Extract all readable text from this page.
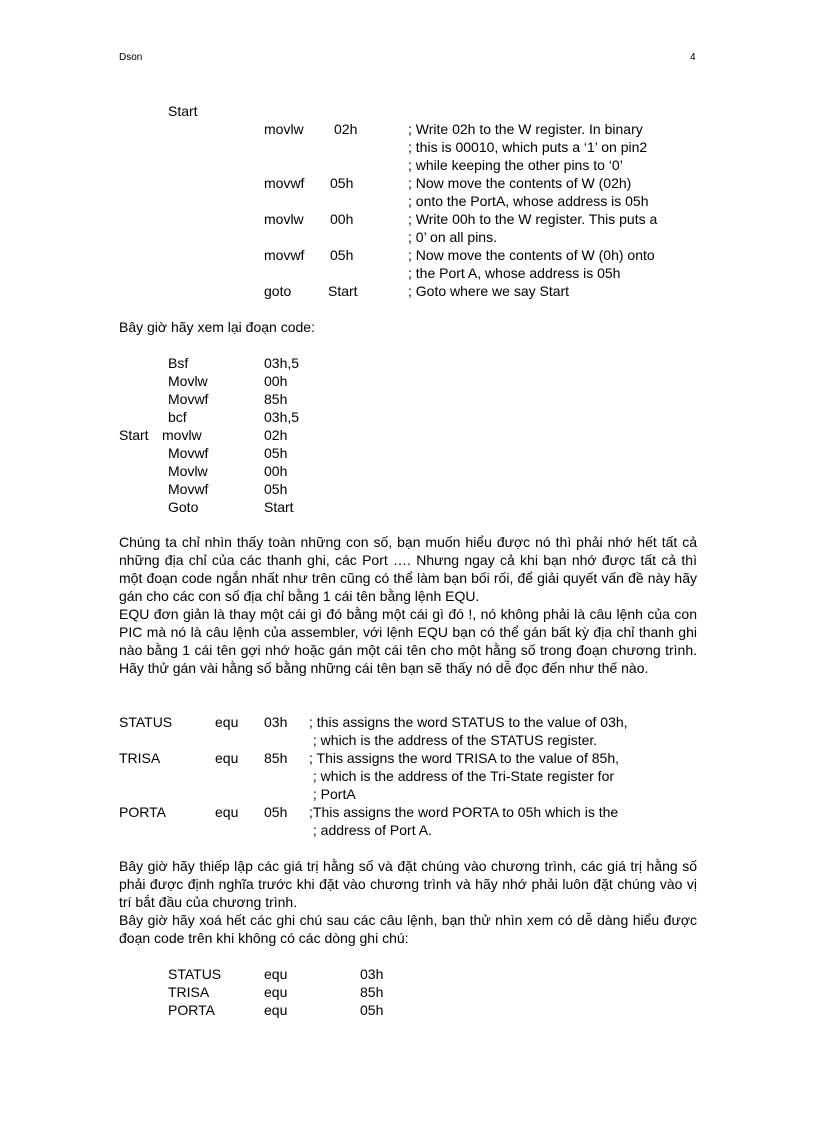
Dson	4
Start
movlw 02h	; Write 02h to the W register. In binary
; this is 00010, which puts a ‘1’ on pin2
; while keeping the other pins to ‘0’
movwf 05h	; Now move the contents of W (02h)
; onto the PortA, whose address is 05h
movlw 00h	; Write 00h to the W register. This puts a
; 0’ on all pins.
movwf 05h	; Now move the contents of W (0h) onto
; the Port A, whose address is 05h
goto	Start	; Goto where we say Start
Bây giờ hãy xem lại đoạn code:
Bsf	03h,5
Movlw	00h
Movwf	85h
bcf	03h,5
Start movlw	02h
Movwf	05h
Movlw	00h
Movwf	05h
Goto	Start
Chúng ta chỉ nhìn thấy toàn những con số, bạn muốn hiểu được nó thì phải nhớ hết tất cả những địa chỉ của các thanh ghi, các Port …. Nhưng ngay cả khi bạn nhớ được tất cả thì một đoạn code ngắn nhất như trên cũng có thể làm bạn bối rối, để giải quyết vấn đề này hãy gán cho các con số địa chỉ bằng 1 cái tên bằng lệnh EQU.
EQU đơn giản là thay một cái gì đó bằng một cái gì đó !, nó không phải là câu lệnh của con PIC mà nó là câu lệnh của assembler, với lệnh EQU bạn có thể gán bất kỳ địa chỉ thanh ghi nào bằng 1 cái tên gợi nhớ hoặc gán một cái tên cho một hằng số trong đoạn chương trình. Hãy thử gán vài hằng số bằng những cái tên bạn sẽ thấy nó dễ đọc đến như thế nào.
STATUS	equ 03h ; this assigns the word STATUS to the value of 03h,
; which is the address of the STATUS register.
TRISA	equ 85h ; This assigns the word TRISA to the value of 85h,
; which is the address of the Tri-State register for
; PortA
PORTA	equ 05h ;This assigns the word PORTA to 05h which is the
; address of Port A.
Bây giờ hãy thiếp lập các giá trị hằng số và đặt chúng vào chương trình, các giá trị hằng số phải được định nghĩa trước khi đặt vào chương trình và hãy nhớ phải luôn đặt chúng vào vị trí bắt đầu của chương trình.
Bây giờ hãy xoá hết các ghi chú sau các câu lệnh, bạn thử nhìn xem có dễ dàng hiểu được đoạn code trên khi không có các dòng ghi chú:
STATUS	equ	03h
TRISA	equ	85h
PORTA	equ	05h
